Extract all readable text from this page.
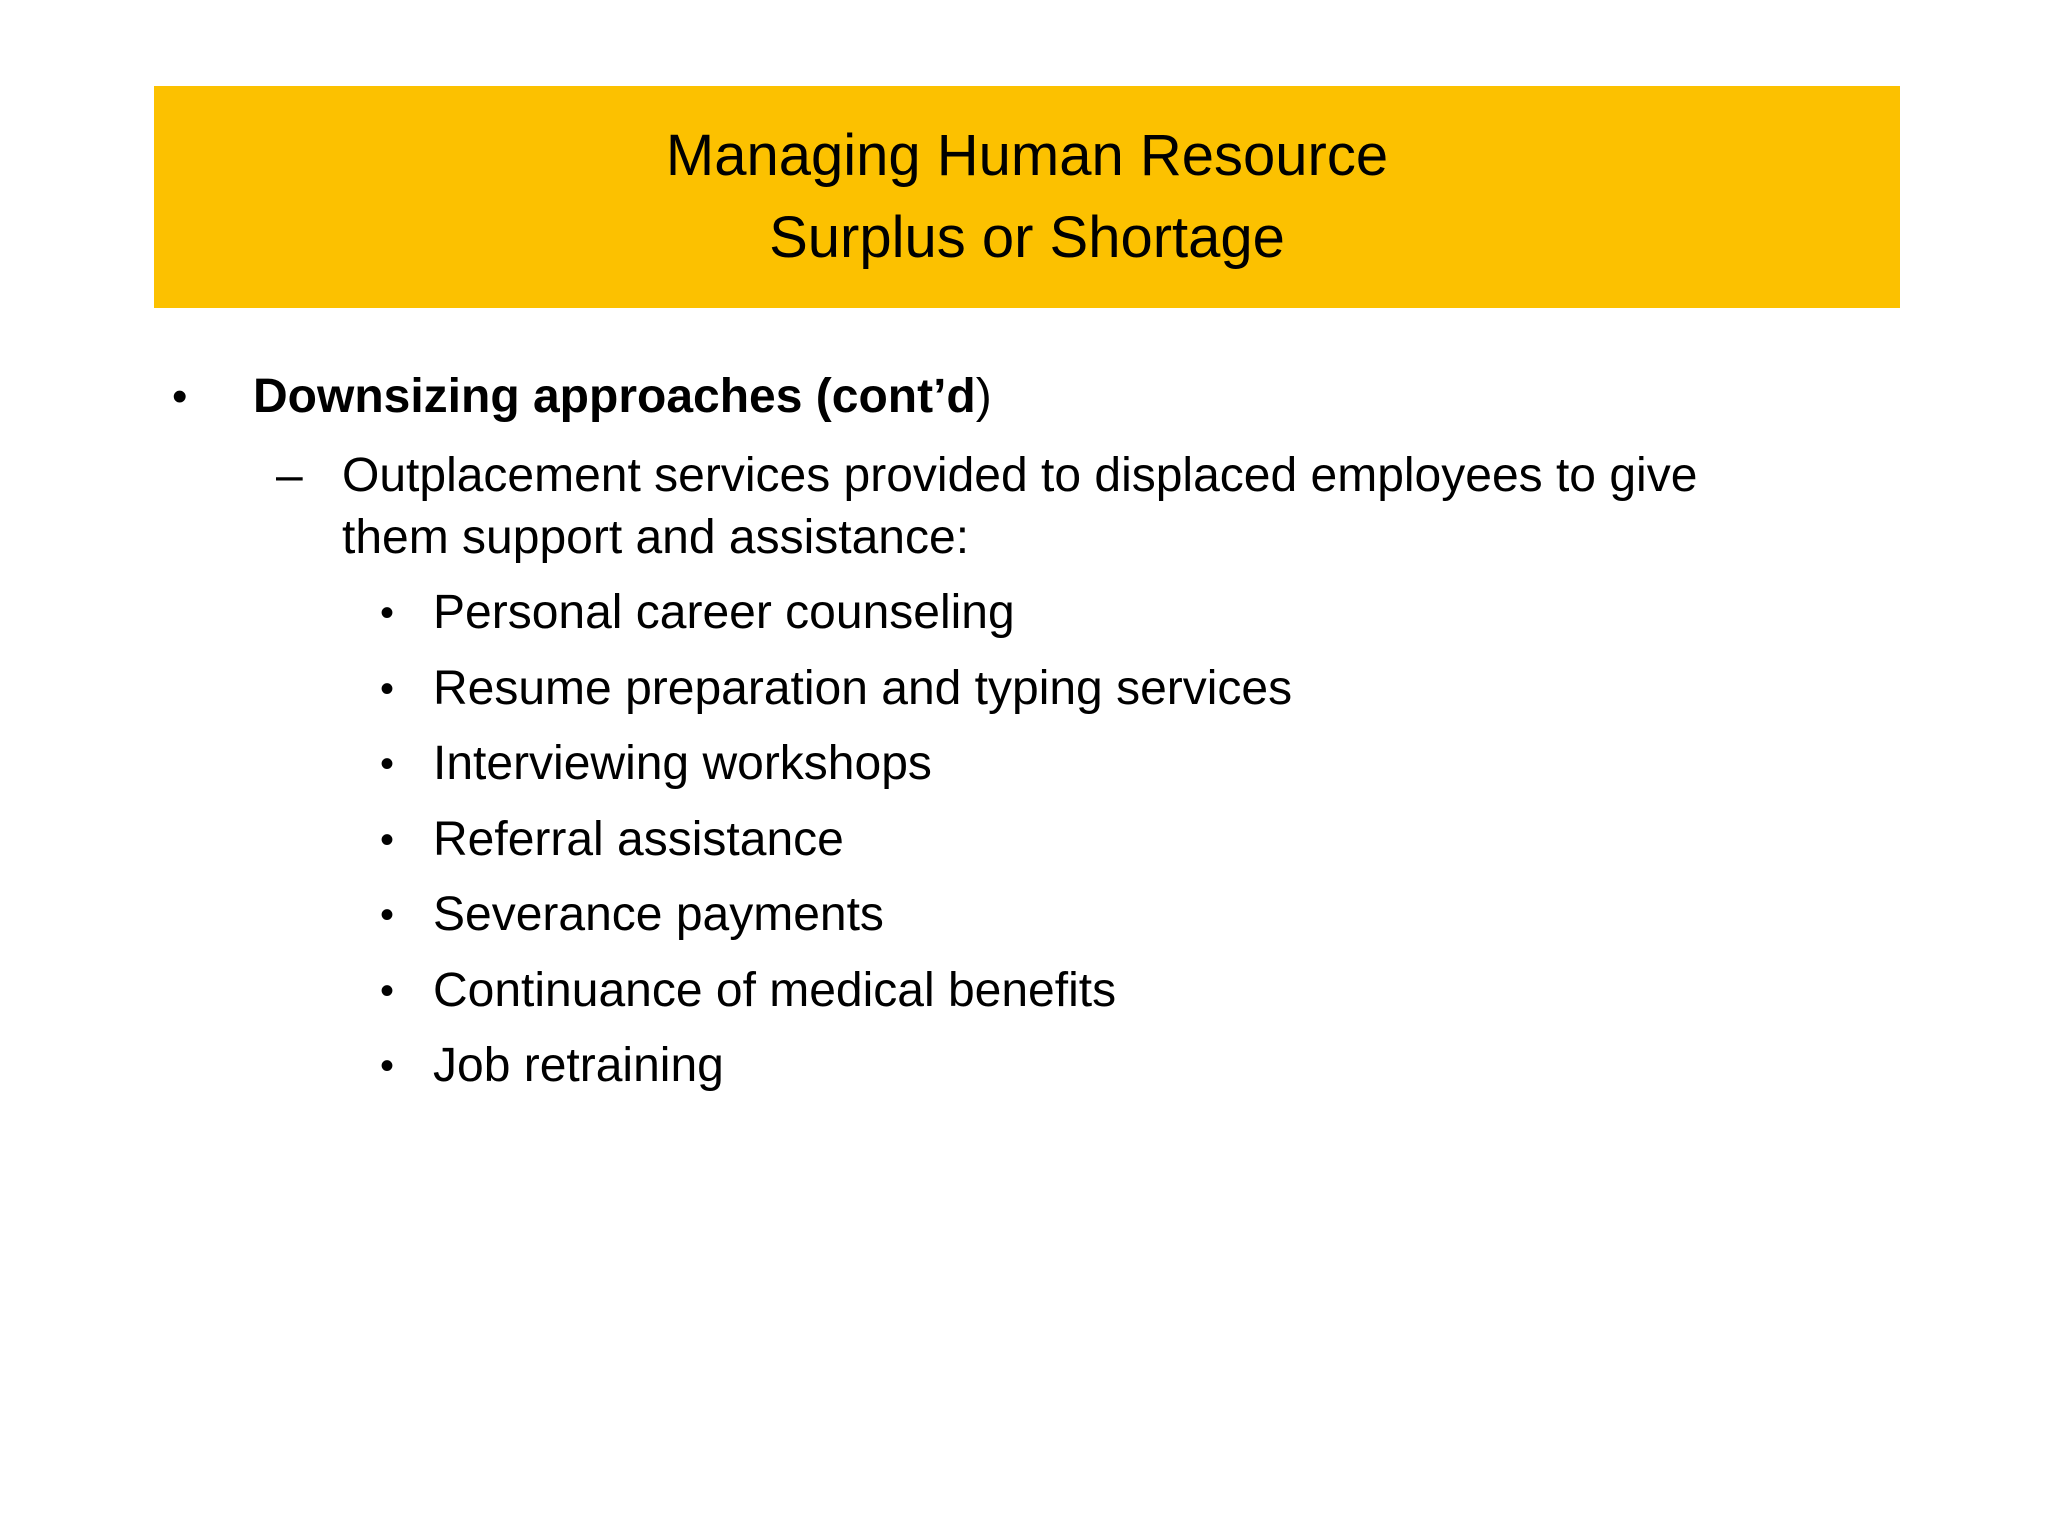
Managing Human Resource
Surplus or Shortage
• Downsizing approaches (cont’d)
– Outplacement services provided to displaced employees to give
them support and assistance:
• Personal career counseling
• Resume preparation and typing services
• Interviewing workshops
• Referral assistance
• Severance payments
• Continuance of medical benefits
• Job retraining
